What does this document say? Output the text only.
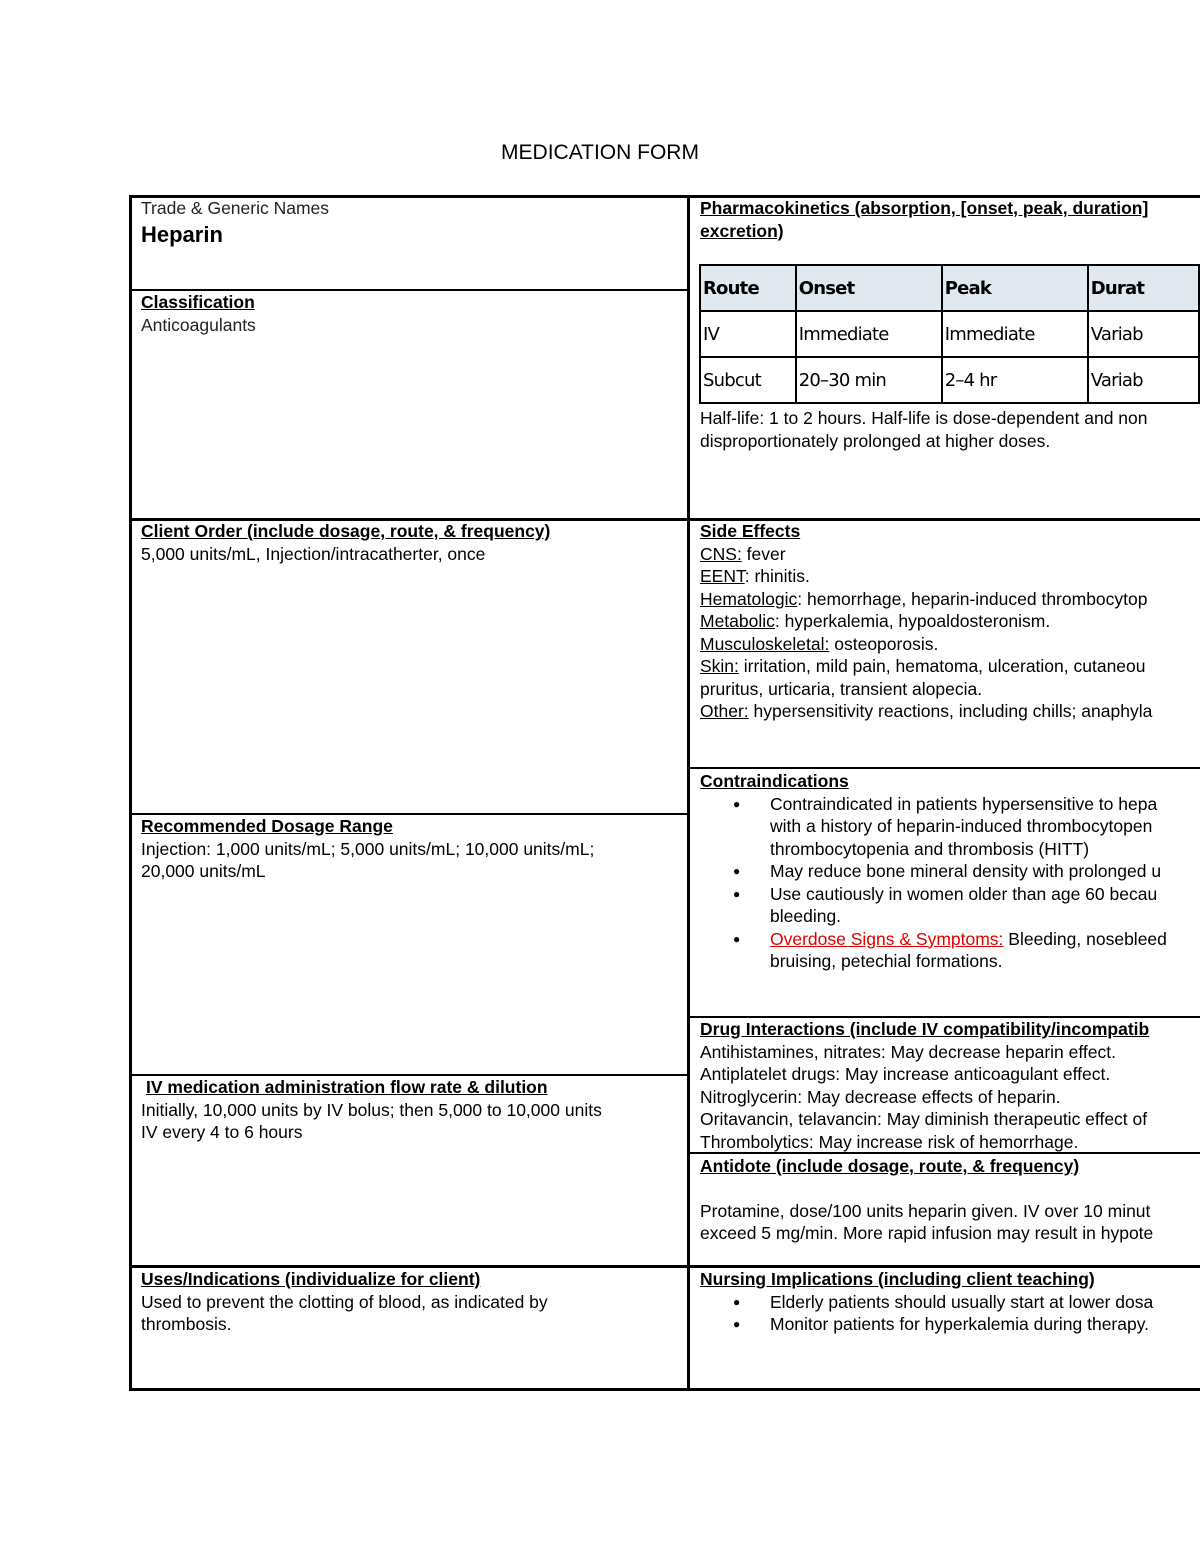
MEDICATION FORM
Trade & Generic Names
Heparin
Classification
Anticoagulants
Client Order (include dosage, route, & frequency)
5,000 units/mL, Injection/intracatherter, once
Recommended Dosage Range
Injection: 1,000 units/mL; 5,000 units/mL; 10,000 units/mL;
20,000 units/mL
IV medication administration flow rate & dilution
Initially, 10,000 units by IV bolus; then 5,000 to 10,000 units
IV every 4 to 6 hours
Uses/Indications (individualize for client)
Used to prevent the clotting of blood, as indicated by
thrombosis.
Pharmacokinetics (absorption, [onset, peak, duration]
excretion)
Route	Onset	Peak	Durat
IV	Immediate	Immediate	Variab
Subcut	20–30 min	2–4 hr	Variab
Half-life: 1 to 2 hours. Half-life is dose-dependent and non
disproportionately prolonged at higher doses.
Side Effects
CNS: fever
EENT: rhinitis.
Hematologic: hemorrhage, heparin-induced thrombocytop
Metabolic: hyperkalemia, hypoaldosteronism.
Musculoskeletal: osteoporosis.
Skin: irritation, mild pain, hematoma, ulceration, cutaneou
pruritus, urticaria, transient alopecia.
Other: hypersensitivity reactions, including chills; anaphyla
Contraindications
● Contraindicated in patients hypersensitive to hepa
with a history of heparin-induced thrombocytopen
thrombocytopenia and thrombosis (HITT)
● May reduce bone mineral density with prolonged u
● Use cautiously in women older than age 60 becau
bleeding.
● Overdose Signs & Symptoms: Bleeding, nosebleed
bruising, petechial formations.
Drug Interactions (include IV compatibility/incompatib
Antihistamines, nitrates: May decrease heparin effect.
Antiplatelet drugs: May increase anticoagulant effect.
Nitroglycerin: May decrease effects of heparin.
Oritavancin, telavancin: May diminish therapeutic effect of
Thrombolytics: May increase risk of hemorrhage.
Antidote (include dosage, route, & frequency)
Protamine, dose/100 units heparin given. IV over 10 minut
exceed 5 mg/min. More rapid infusion may result in hypote
Nursing Implications (including client teaching)
● Elderly patients should usually start at lower dosa
● Monitor patients for hyperkalemia during therapy.
